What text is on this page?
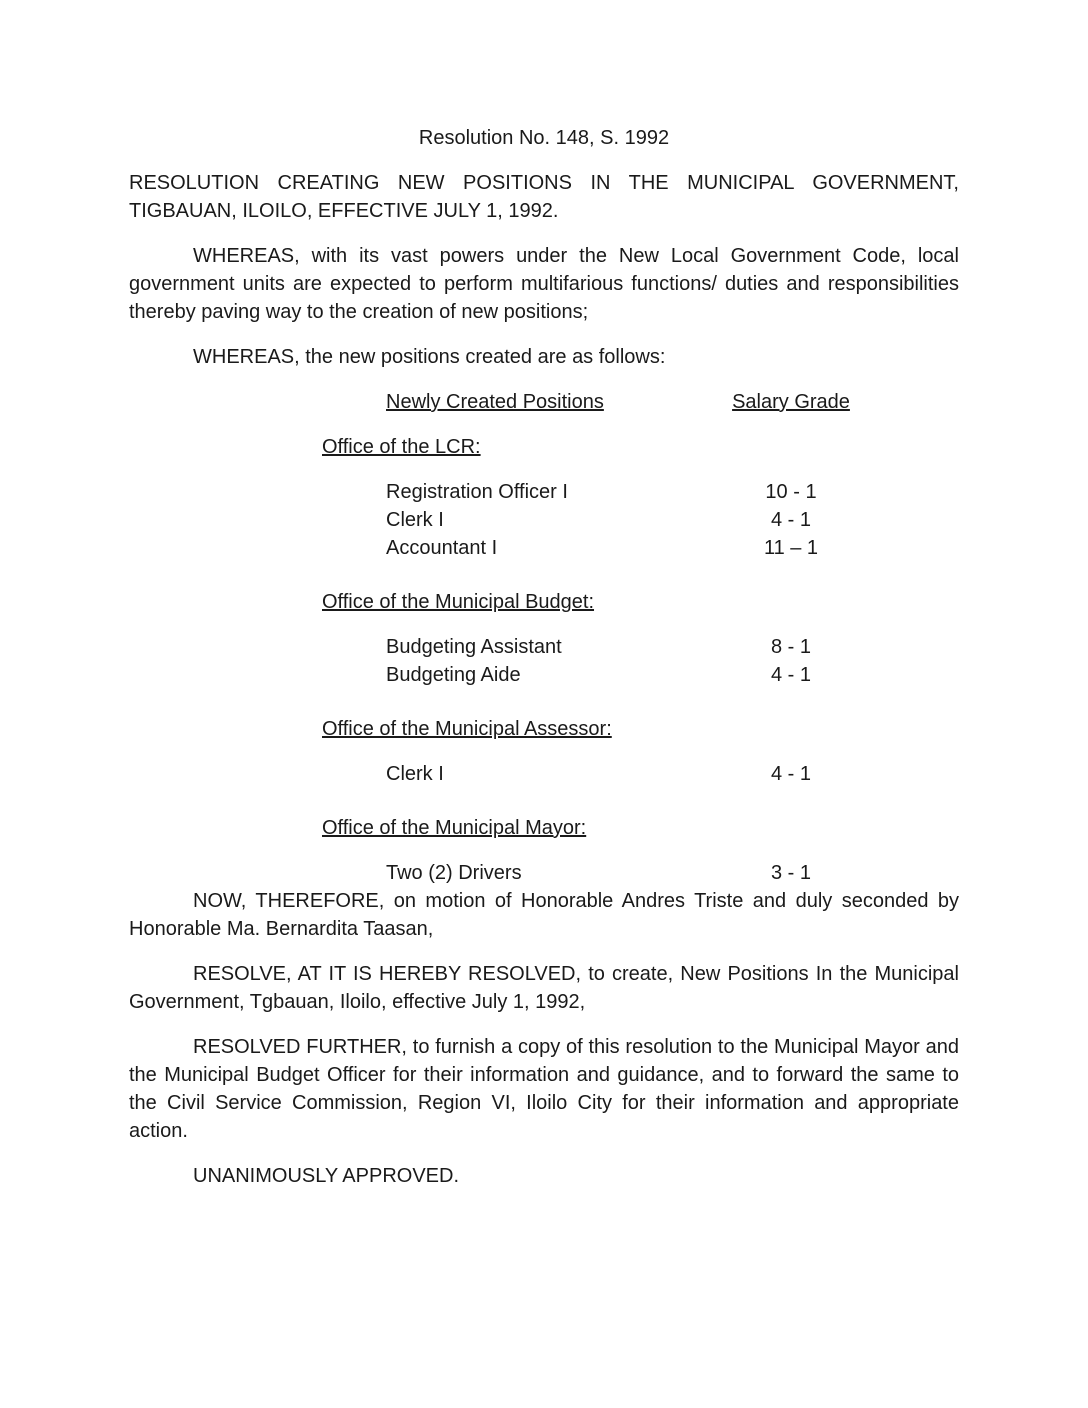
Resolution No. 148, S. 1992

RESOLUTION CREATING NEW POSITIONS IN THE MUNICIPAL GOVERNMENT, TIGBAUAN, ILOILO, EFFECTIVE JULY 1, 1992.

WHEREAS, with its vast powers under the New Local Government Code, local government units are expected to perform multifarious functions/ duties and responsibilities thereby paving way to the creation of new positions;

WHEREAS, the new positions created are as follows:

Newly Created Positions	Salary Grade
Office of the LCR:
Registration Officer I	10 - 1
Clerk I	4 - 1
Accountant I	11 – 1
Office of the Municipal Budget:
Budgeting Assistant	8 - 1
Budgeting Aide	4 - 1
Office of the Municipal Assessor:
Clerk I	4 - 1
Office of the Municipal Mayor:
Two (2) Drivers	3 - 1

NOW, THEREFORE, on motion of Honorable Andres Triste and duly seconded by Honorable Ma. Bernardita Taasan,

RESOLVE, AT IT IS HEREBY RESOLVED, to create, New Positions In the Municipal Government, Tgbauan, Iloilo, effective July 1, 1992,

RESOLVED FURTHER, to furnish a copy of this resolution to the Municipal Mayor and the Municipal Budget Officer for their information and guidance, and to forward the same to the Civil Service Commission, Region VI, Iloilo City for their information and appropriate action.

UNANIMOUSLY APPROVED.
